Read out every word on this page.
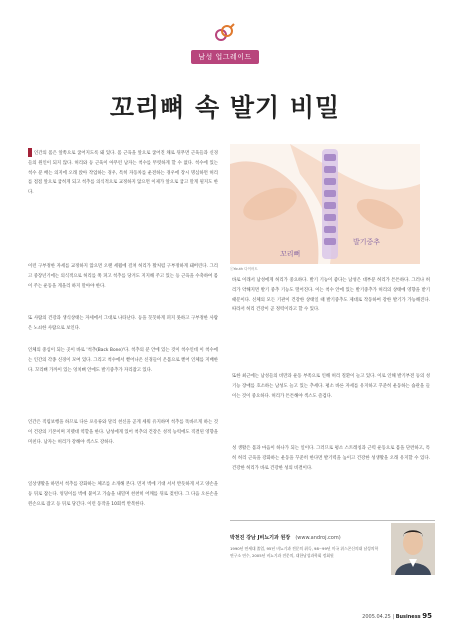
남성 업그레이드
꼬리뼈 속 발기 비밀
인간의 몸은 앞쪽으로 굽어지도록 돼 있다. 몸 근육을 앞으로 굽어진 채로 뒤무면 근육들과 신경들의 원인이 되지 않다. 허리와 등 근육이 아무런 남자는 척수를 뚜렷하게 할 수 없다. 척수에 있는 척수 분 배는 의지에 오래 앉아 작업하는 경우, 특히 자동차를 운전하는 경우에 장시 명심하면 허리를 점점 앞으로 굽히게 되고 척추를 의식적으로 교정하지 않으면 이제가 앞으로 굽고 말게 될지도 한다.
이런 구부정한 자세를 교정하지 않으면 오랜 세월에 걸쳐 허리가 활처럼 구부정하게 돼버린다. 그리고 중장년기에는 의식적으로 허리를 쭉 펴고 척추를 당겨도 지지해 주고 있는 등 근육을 수축하여 몸이 주는 운동을 게을리 하지 말아야 한다.
또 사람의 건강과 생식상태는 자세에서 그대로 나타난다. 등을 꼿꼿하게 펴지 못하고 구부정한 사람은 노쇠한 사람으로 보인다.
인체의 중심이 되는 곳이 바로 '척추(Back Bone)'다. 척추의 분 안에 있는 것이 척수인데 이 척수에는 인간의 각종 신경이 모여 있다. 그리고 척수에서 뻗어나온 신경들이 온몸으로 뻗어 인체를 지배한다. 꼬리뼈 가까이 있는 엉치뼈 안에도 발기중추가 자리잡고 있다.
인간은 직립보행을 하므로 다른 포유류와 달리 천신을 곧게 세워 유지하며 척추를 똑바르게 하는 것이 건강의 기본이며 지렛대 역할을 한다. 남성에게 있어 척추의 건강은 성적 능력에도 직결된 영향을 미친다. 남자는 허리가 강해야 섹스도 강하다.
일상생활을 하면서 척추를 강화하는 체조를 소개해 본다. 먼저 벽에 기대 서서 반듯하게 서고 양손을 등 뒤로 잡는다. 엉덩이를 벽에 붙이고 가슴을 내밀며 천천히 어깨를 뒤로 젖힌다. 그 다음 오른손을 왼손으로 잡고 등 뒤로 당긴다. 이런 동작을 10회씩 반복한다.
발기중추
꼬리뼈
ⓒYouth 다이어트
바로 이래서 남성에게 허리가 중요하다. 발기 기능이 좋다는 남성은 대부분 허리가 튼튼하다. 그러나 허리가 약해지면 발기 중추 기능도 떨어진다. 이는 척수 안에 있는 발기중추가 허리의 상태에 영향을 받기 때문이다. 신체의 모든 기관이 건강한 상태일 때 발기중추도 제대로 작동하여 강한 발기가 가능해진다. 따라서 허리 건강이 곧 정력이라고 할 수 있다.
또한 최근에는 남성들의 비만과 운동 부족으로 인해 허리 질환이 늘고 있다. 이로 인해 발기부전 등의 성기능 장애를 호소하는 남성도 늘고 있는 추세다. 평소 바른 자세를 유지하고 꾸준히 운동하는 습관을 들이는 것이 중요하다. 허리가 튼튼해야 섹스도 즐겁다.
성 생활은 몸과 마음이 하나가 되는 일이다. 그러므로 평소 스트레칭과 근력 운동으로 몸을 단련하고, 특히 허리 근육을 강화하는 운동을 꾸준히 한다면 발기력을 높이고 건강한 성생활을 오래 유지할 수 있다. 건강한 허리가 바로 건강한 성의 비결이다.
박천진 강남 J비뇨기과 원장 (www.androj.com)
1990년 연세대 졸업, 95년 비뇨기과 전문의 취득, 98~99년 미국 위스콘신의대 남성의학연구소 연수, 2005년 비뇨기과 전문의, 대한남성과학회 정회원
2005.04.25 | Business 95
